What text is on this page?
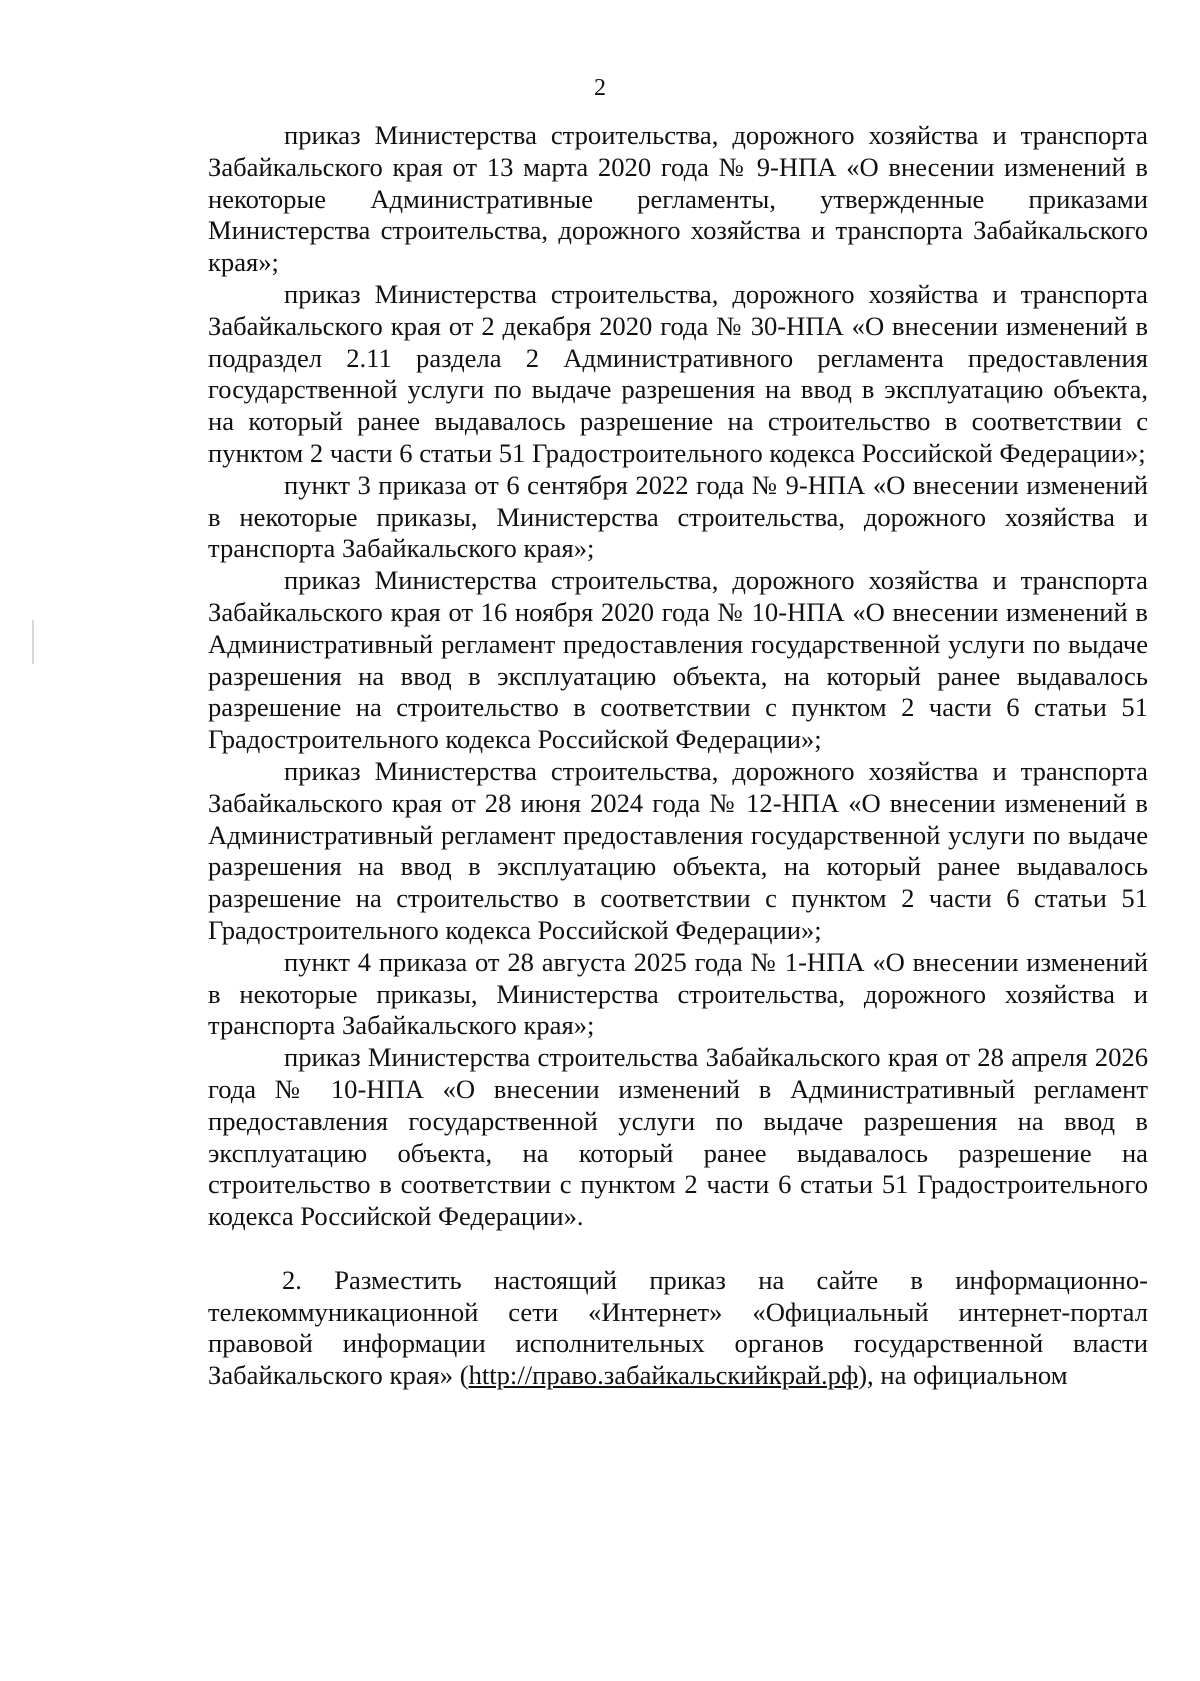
2

приказ Министерства строительства, дорожного хозяйства и транспорта Забайкальского края от 13 марта 2020 года № 9-НПА «О внесении изменений в некоторые Административные регламенты, утвержденные приказами Министерства строительства, дорожного хозяйства и транспорта Забайкальского края»;

приказ Министерства строительства, дорожного хозяйства и транспорта Забайкальского края от 2 декабря 2020 года № 30-НПА «О внесении изменений в подраздел 2.11 раздела 2 Административного регламента предоставления государственной услуги по выдаче разрешения на ввод в эксплуатацию объекта, на который ранее выдавалось разрешение на строительство в соответствии с пунктом 2 части 6 статьи 51 Градостроительного кодекса Российской Федерации»;

пункт 3 приказа от 6 сентября 2022 года № 9-НПА «О внесении изменений в некоторые приказы, Министерства строительства, дорожного хозяйства и транспорта Забайкальского края»;

приказ Министерства строительства, дорожного хозяйства и транспорта Забайкальского края от 16 ноября 2020 года № 10-НПА «О внесении изменений в Административный регламент предоставления государственной услуги по выдаче разрешения на ввод в эксплуатацию объекта, на который ранее выдавалось разрешение на строительство в соответствии с пунктом 2 части 6 статьи 51 Градостроительного кодекса Российской Федерации»;

приказ Министерства строительства, дорожного хозяйства и транспорта Забайкальского края от 28 июня 2024 года № 12-НПА «О внесении изменений в Административный регламент предоставления государственной услуги по выдаче разрешения на ввод в эксплуатацию объекта, на который ранее выдавалось разрешение на строительство в соответствии с пунктом 2 части 6 статьи 51 Градостроительного кодекса Российской Федерации»;

пункт 4 приказа от 28 августа 2025 года № 1-НПА «О внесении изменений в некоторые приказы, Министерства строительства, дорожного хозяйства и транспорта Забайкальского края»;

приказ Министерства строительства Забайкальского края от 28 апреля 2026 года № 10-НПА «О внесении изменений в Административный регламент предоставления государственной услуги по выдаче разрешения на ввод в эксплуатацию объекта, на который ранее выдавалось разрешение на строительство в соответствии с пунктом 2 части 6 статьи 51 Градостроительного кодекса Российской Федерации».

2. Разместить настоящий приказ на сайте в информационно-телекоммуникационной сети «Интернет» «Официальный интернет-портал правовой информации исполнительных органов государственной власти Забайкальского края» (http://право.забайкальскийкрай.рф), на официальном
